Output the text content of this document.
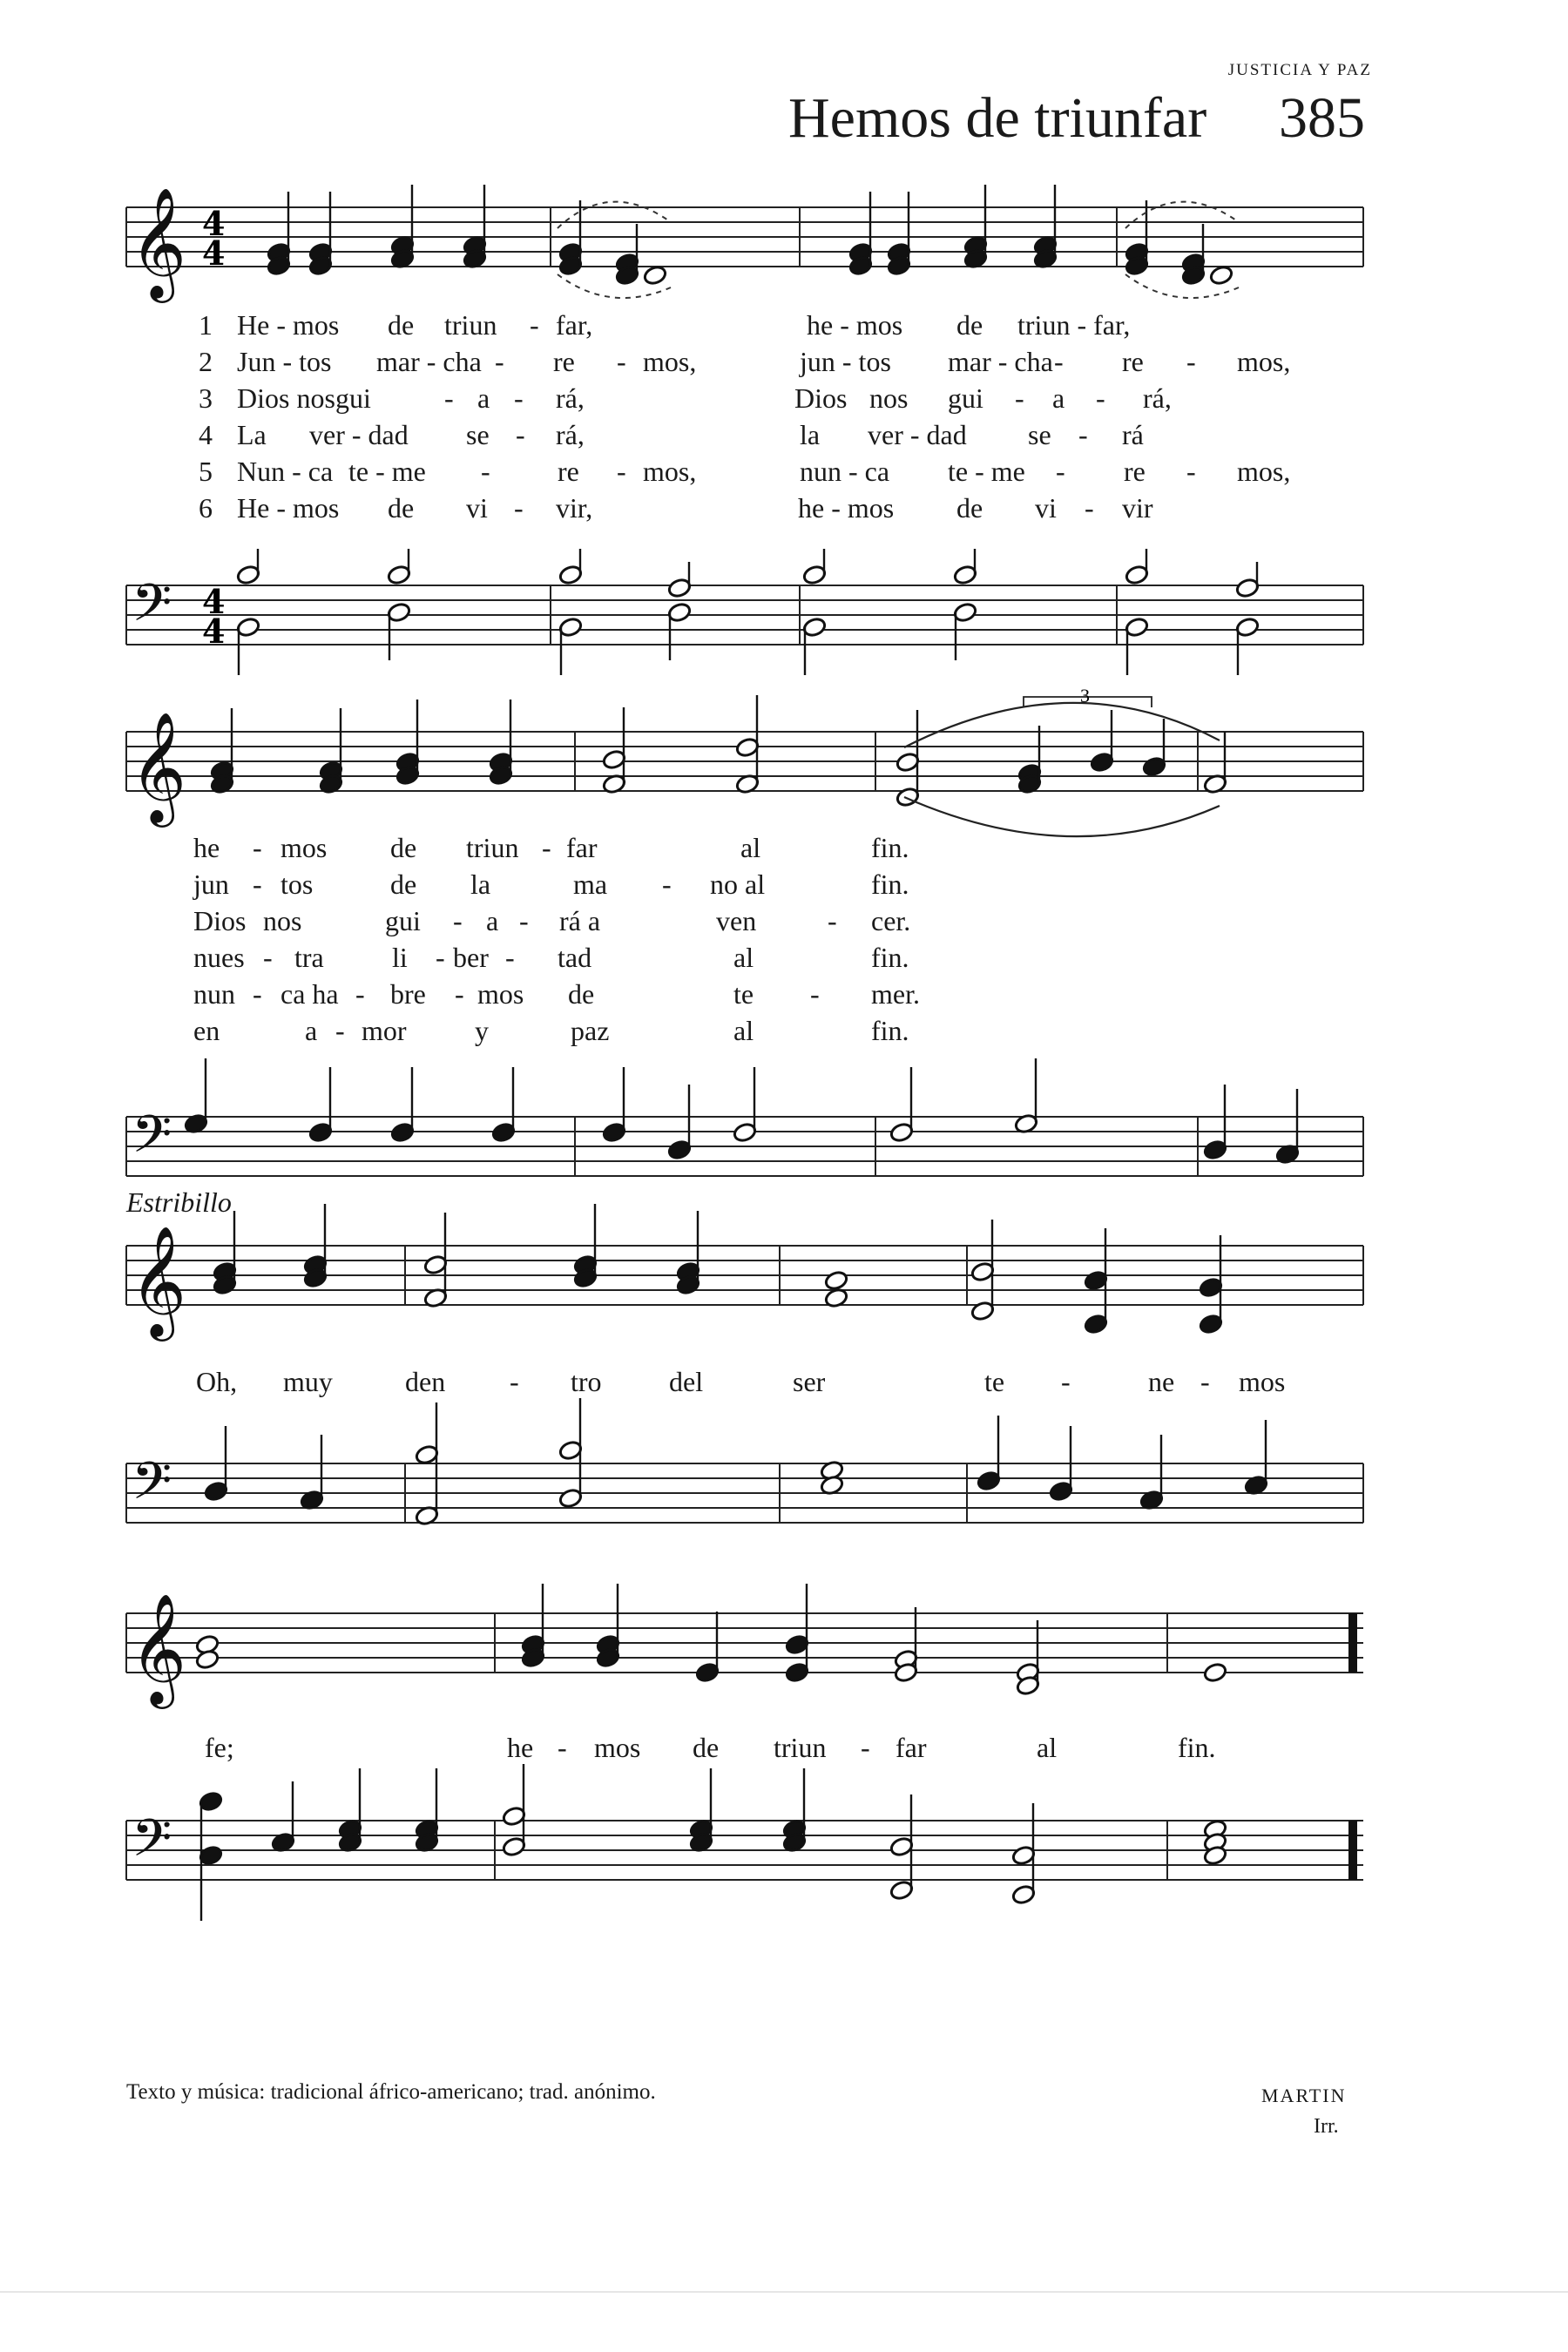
JUSTICIA Y PAZ
Hemos de triunfar 385
𝄞 4
4
𝄢 4
4
𝄞
3
𝄢
𝄞
𝄢
𝄞
𝄢
Estribillo
1 He - mos de triun - far,	he - mos de triun - far,
2 Jun - tos mar - cha - re - mos,	jun - tos mar - cha - re - mos,
3 Dios nos gui	- a - rá,	Dios nos gui - a - rá,
4 La ver - dad se - rá,	la ver - dad se - rá
5 Nun - ca te - me - re - mos,	nun - ca te - me - re - mos,
6 He - mos de vi - vir,	he - mos de vi - vir
he - mos de triun - far	al	fin.
jun - tos	de la	ma - no al	fin.
Dios nos	gui - a - rá a	ven	- cer.
nues - tra li - ber - tad	al	fin.
nun - ca ha - bre - mos de	te - mer.
en	a - mor y	paz	al	fin.
Oh, muy	den - tro del	ser	te -	ne - mos
fe;	he - mos de triun - far	al	fin.
Texto y música: tradicional áfrico-americano; trad. anónimo.	MARTIN
Irr.
